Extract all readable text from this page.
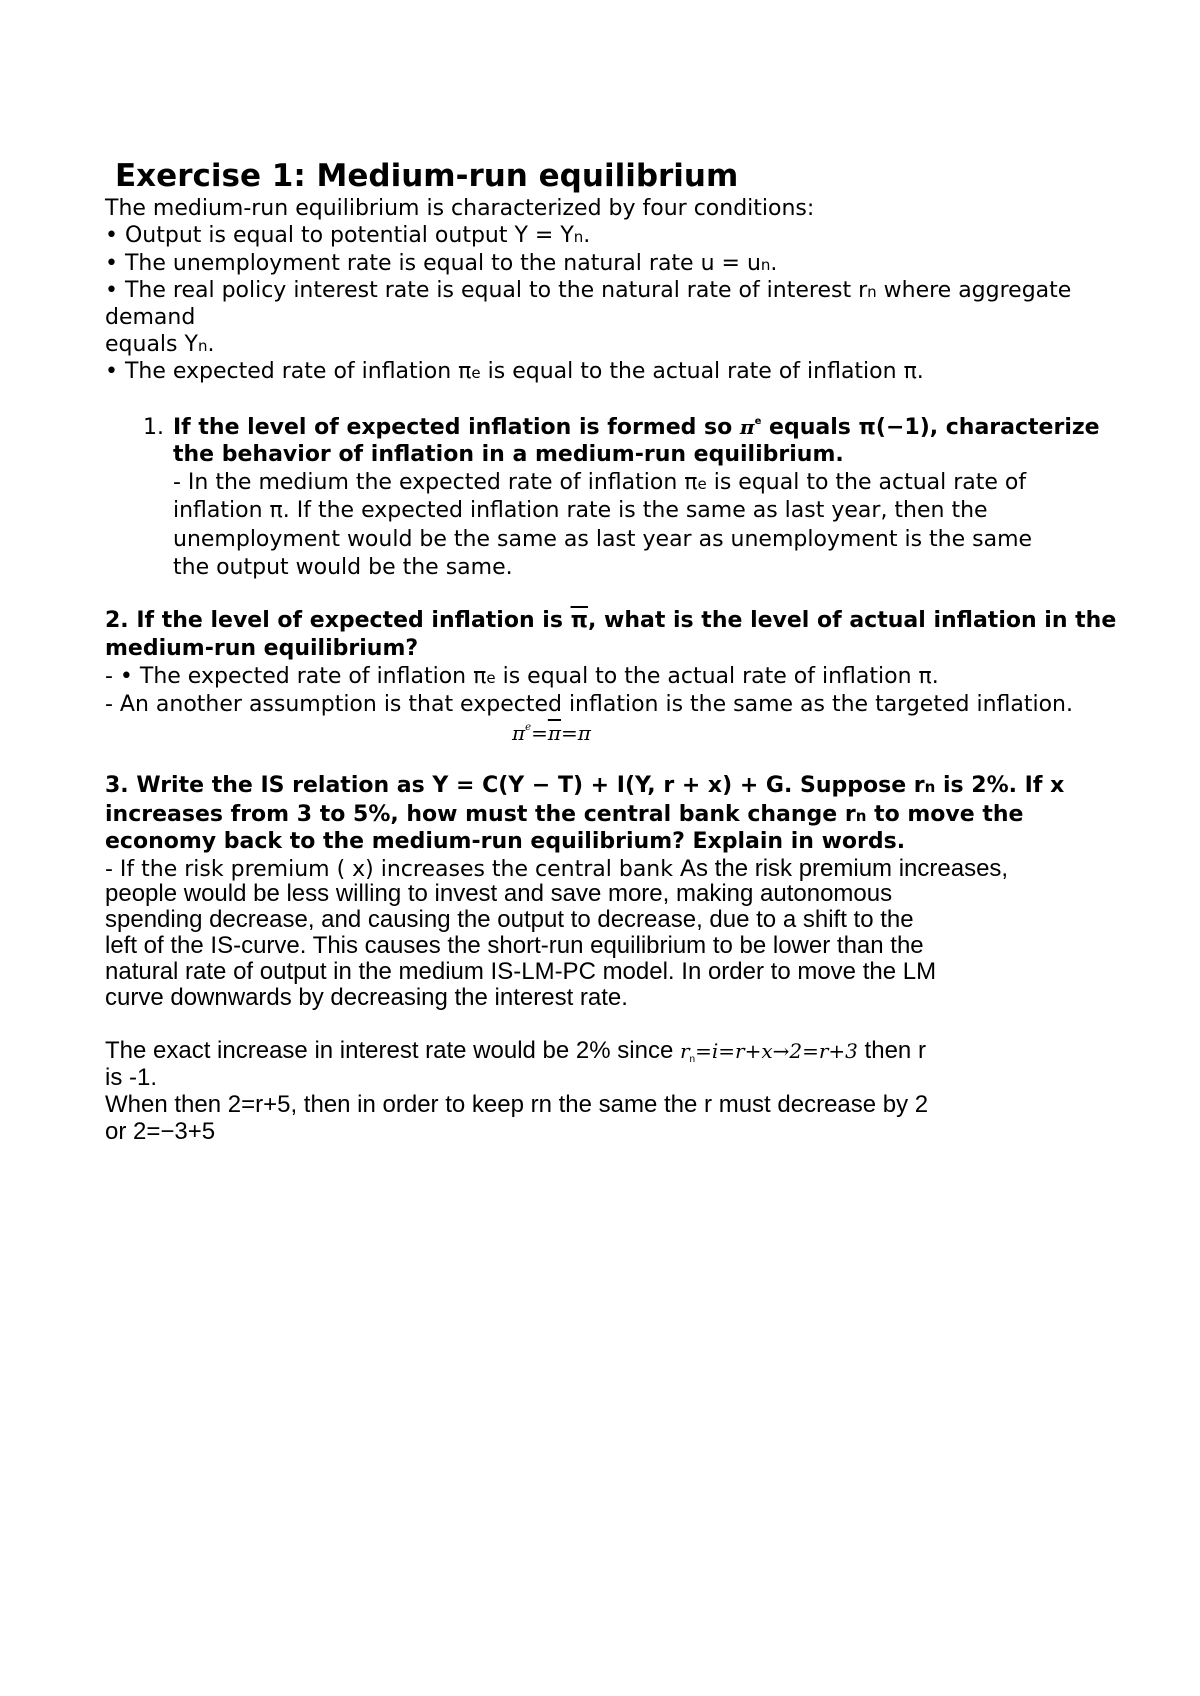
Exercise 1: Medium-run equilibrium
The medium-run equilibrium is characterized by four conditions:
• Output is equal to potential output Y = Yn.
• The unemployment rate is equal to the natural rate u = un.
• The real policy interest rate is equal to the natural rate of interest rn where aggregate
demand
equals Yn.
• The expected rate of inflation πe is equal to the actual rate of inflation π.
1. If the level of expected inflation is formed so $\pi^e$ equals π(−1), characterize
the behavior of inflation in a medium-run equilibrium.
- In the medium the expected rate of inflation πe is equal to the actual rate of
inflation π. If the expected inflation rate is the same as last year, then the
unemployment would be the same as last year as unemployment is the same
the output would be the same.
2. If the level of expected inflation is $\overline{\pi}$, what is the level of actual inflation in the
medium-run equilibrium?
- • The expected rate of inflation πe is equal to the actual rate of inflation π.
- An another assumption is that expected inflation is the same as the targeted inflation.
$\pi^e=\overline{\pi}=\pi$
3. Write the IS relation as Y = C(Y − T) + I(Y, r + x) + G. Suppose rn is 2%. If x
increases from 3 to 5%, how must the central bank change rn to move the
economy back to the medium-run equilibrium? Explain in words.
- If the risk premium ( x) increases the central bank As the risk premium increases,
people would be less willing to invest and save more, making autonomous
spending decrease, and causing the output to decrease, due to a shift to the
left of the IS-curve. This causes the short-run equilibrium to be lower than the
natural rate of output in the medium IS-LM-PC model. In order to move the LM
curve downwards by decreasing the interest rate.
The exact increase in interest rate would be 2% since rn=i=r+x→2=r+3 then r
is -1.
When then 2=r+5, then in order to keep rn the same the r must decrease by 2
or 2=−3+5
